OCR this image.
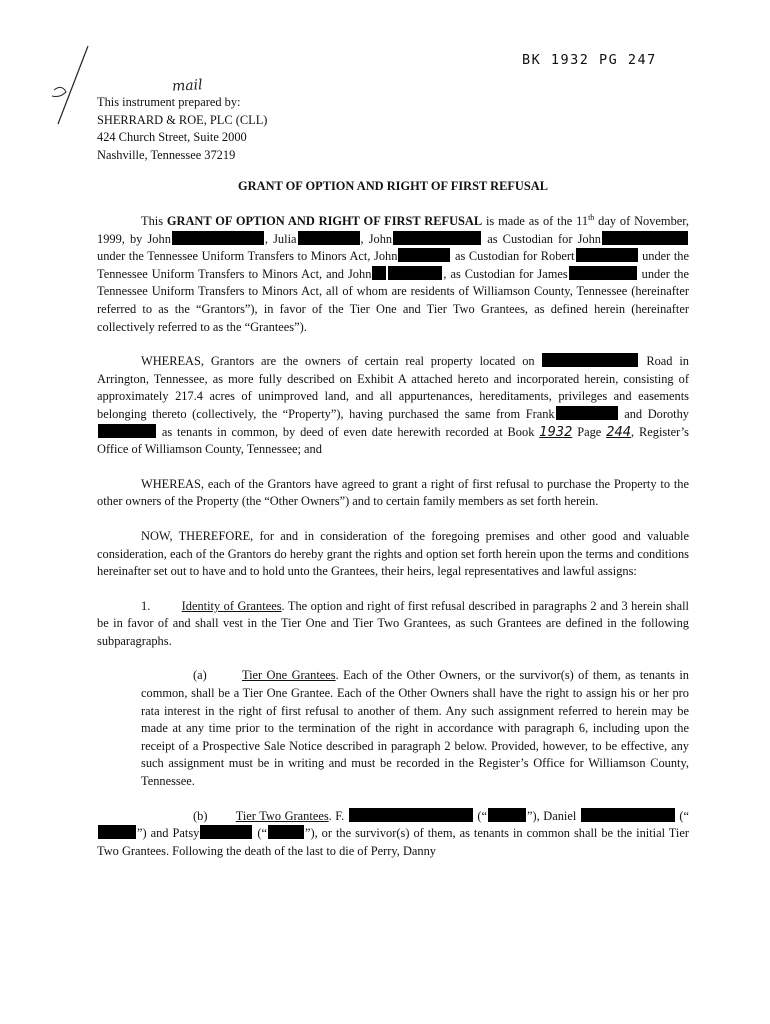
BK 1932 PG 247
mail
This instrument prepared by:
SHERRARD & ROE, PLC (CLL)
424 Church Street, Suite 2000
Nashville, Tennessee 37219
GRANT OF OPTION AND RIGHT OF FIRST REFUSAL

This GRANT OF OPTION AND RIGHT OF FIRST REFUSAL is made as of the 11th day of November, 1999, by John	, Julia	, John	as Custodian for John under the Tennessee Uniform Transfers to Minors Act, John	as Custodian for Robert	under the Tennessee Uniform Transfers to Minors Act, and John	, as Custodian for James	under the Tennessee Uniform Transfers to Minors Act, all of whom are residents of Williamson County, Tennessee (hereinafter referred to as the “Grantors”), in favor of the Tier One and Tier Two Grantees, as defined herein (hereinafter collectively referred to as the “Grantees”).

WHEREAS, Grantors are the owners of certain real property located on	Road in Arrington, Tennessee, as more fully described on Exhibit A attached hereto and incorporated herein, consisting of approximately 217.4 acres of unimproved land, and all appurtenances, hereditaments, privileges and easements belonging thereto (collectively, the “Property”), having purchased the same from Frank	and Dorothy as tenants in common, by deed of even date herewith recorded at Book 1932 Page 244, Register’s Office of Williamson County, Tennessee; and

WHEREAS, each of the Grantors have agreed to grant a right of first refusal to purchase the Property to the other owners of the Property (the “Other Owners”) and to certain family members as set forth herein.

NOW, THEREFORE, for and in consideration of the foregoing premises and other good and valuable consideration, each of the Grantors do hereby grant the rights and option set forth herein upon the terms and conditions hereinafter set out to have and to hold unto the Grantees, their heirs, legal representatives and lawful assigns:

1.	Identity of Grantees. The option and right of first refusal described in paragraphs 2 and 3 herein shall be in favor of and shall vest in the Tier One and Tier Two Grantees, as such Grantees are defined in the following subparagraphs.

(a)	Tier One Grantees. Each of the Other Owners, or the survivor(s) of them, as tenants in common, shall be a Tier One Grantee. Each of the Other Owners shall have the right to assign his or her pro rata interest in the right of first refusal to another of them. Any such assignment referred to herein may be made at any time prior to the termination of the right in accordance with paragraph 6, including upon the receipt of a Prospective Sale Notice described in paragraph 2 below. Provided, however, to be effective, any such assignment must be in writing and must be recorded in the Register’s Office for Williamson County, Tennessee.

(b) Tier Two Grantees. F.	(“	”), Daniel	(“”) and Patsy	(“	”), or the survivor(s) of them, as tenants in common shall be the initial Tier Two Grantees. Following the death of the last to die of Perry, Danny
